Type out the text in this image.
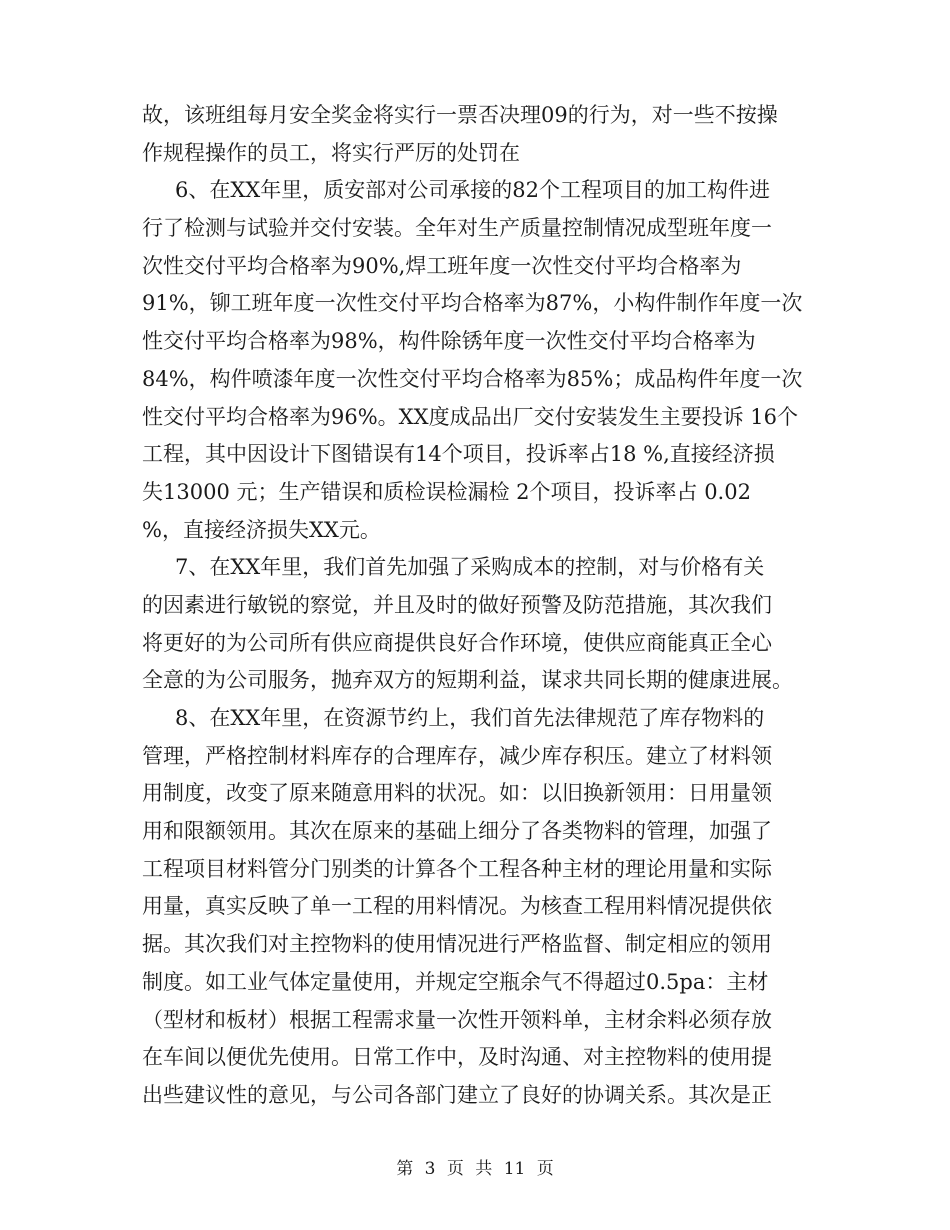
故，该班组每月安全奖金将实行一票否决理09的行为，对一些不按操
作规程操作的员工，将实行严厉的处罚在
6、在XX年里，质安部对公司承接的82个工程项目的加工构件进
行了检测与试验并交付安装。全年对生产质量控制情况成型班年度一
次性交付平均合格率为90%,焊工班年度一次性交付平均合格率为
91%，铆工班年度一次性交付平均合格率为87%，小构件制作年度一次
性交付平均合格率为98%，构件除锈年度一次性交付平均合格率为
84%，构件喷漆年度一次性交付平均合格率为85%；成品构件年度一次
性交付平均合格率为96%。XX度成品出厂交付安装发生主要投诉 16个
工程，其中因设计下图错误有14个项目，投诉率占18 %,直接经济损
失13000 元；生产错误和质检误检漏检 2个项目，投诉率占 0.02
%，直接经济损失XX元。
7、在XX年里，我们首先加强了采购成本的控制，对与价格有关
的因素进行敏锐的察觉，并且及时的做好预警及防范措施，其次我们
将更好的为公司所有供应商提供良好合作环境，使供应商能真正全心
全意的为公司服务，抛弃双方的短期利益，谋求共同长期的健康进展。
8、在XX年里，在资源节约上，我们首先法律规范了库存物料的
管理，严格控制材料库存的合理库存，减少库存积压。建立了材料领
用制度，改变了原来随意用料的状况。如：以旧换新领用：日用量领
用和限额领用。其次在原来的基础上细分了各类物料的管理，加强了
工程项目材料管分门别类的计算各个工程各种主材的理论用量和实际
用量，真实反映了单一工程的用料情况。为核查工程用料情况提供依
据。其次我们对主控物料的使用情况进行严格监督、制定相应的领用
制度。如工业气体定量使用，并规定空瓶余气不得超过0.5pa：主材
（型材和板材）根据工程需求量一次性开领料单，主材余料必须存放
在车间以便优先使用。日常工作中，及时沟通、对主控物料的使用提
出些建议性的意见，与公司各部门建立了良好的协调关系。其次是正
第 3 页 共 11 页
